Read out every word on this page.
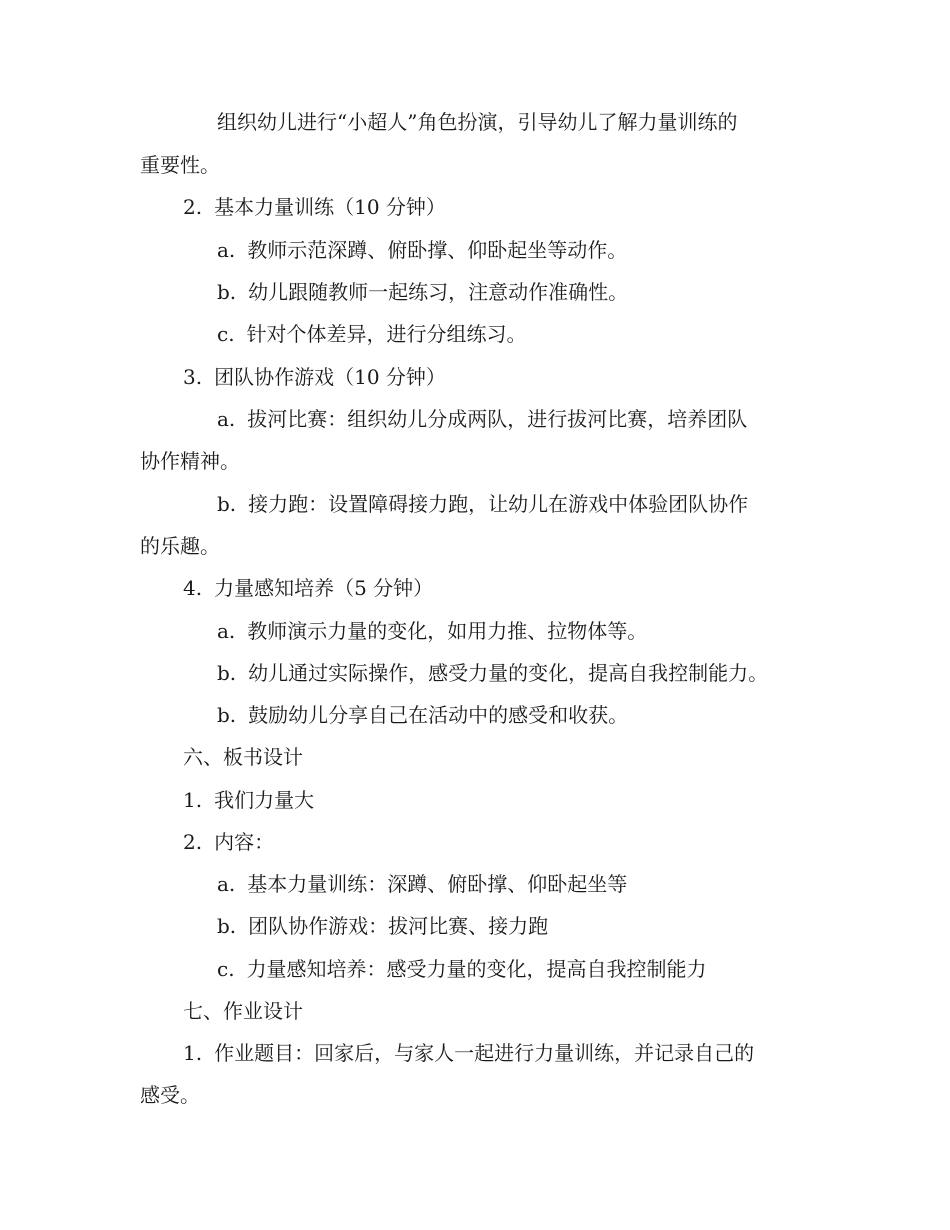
组织幼儿进行“小超人”角色扮演，引导幼儿了解力量训练的
重要性。
2. 基本力量训练（10 分钟）
a. 教师示范深蹲、俯卧撑、仰卧起坐等动作。
b. 幼儿跟随教师一起练习，注意动作准确性。
c. 针对个体差异，进行分组练习。
3. 团队协作游戏（10 分钟）
a. 拔河比赛：组织幼儿分成两队，进行拔河比赛，培养团队
协作精神。
b. 接力跑：设置障碍接力跑，让幼儿在游戏中体验团队协作
的乐趣。
4. 力量感知培养（5 分钟）
a. 教师演示力量的变化，如用力推、拉物体等。
b. 幼儿通过实际操作，感受力量的变化，提高自我控制能力。
b. 鼓励幼儿分享自己在活动中的感受和收获。
六、板书设计
1. 我们力量大
2. 内容：
a. 基本力量训练：深蹲、俯卧撑、仰卧起坐等
b. 团队协作游戏：拔河比赛、接力跑
c. 力量感知培养：感受力量的变化，提高自我控制能力
七、作业设计
1. 作业题目：回家后，与家人一起进行力量训练，并记录自己的
感受。
